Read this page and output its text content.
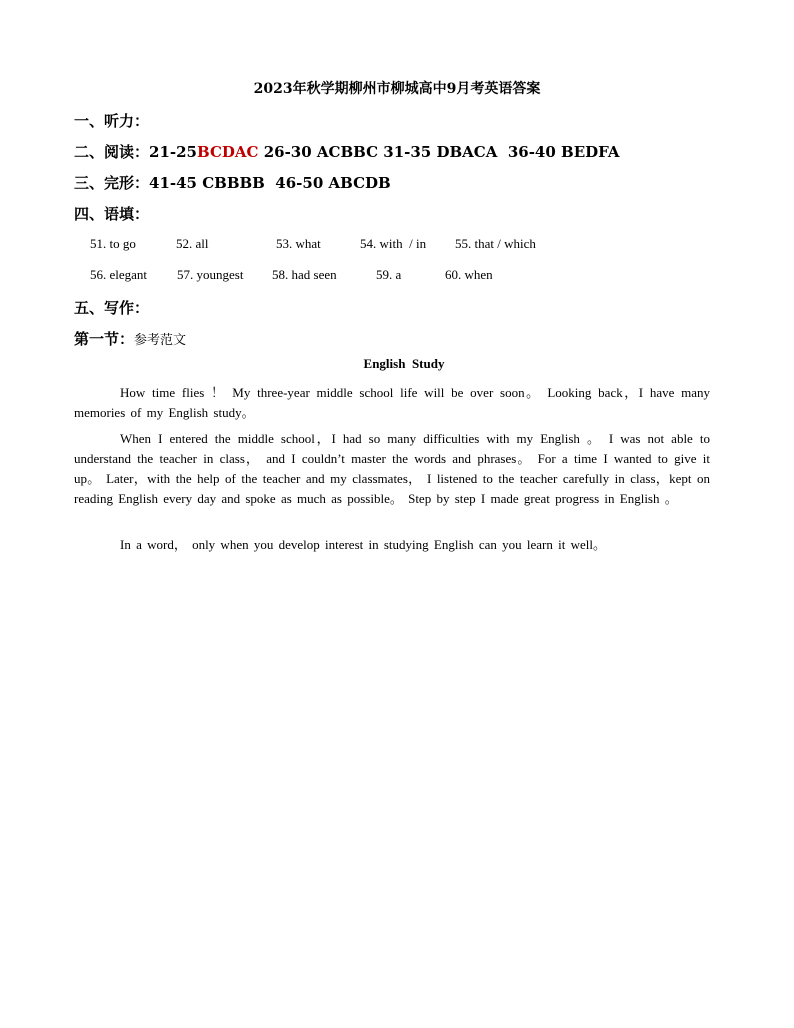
2023年秋学期柳州市柳城高中9月考英语答案
一、听力：
二、阅读：21-25BCDAC 26-30 ACBBC 31-35 DBACA  36-40 BEDFA
三、完形：41-45 CBBBB  46-50 ABCDB
四、语填：
51. to go	52. all	53. what	54. with  / in 55. that / which
56. elegant 57. youngest 58. had seen	59. a	60. when
五、写作：
第一节：参考范文
English  Study
How time flies ！ My three-year middle school life will be over soon。 Looking back，I have many memories of my English study。
When I entered the middle school，I had so many difficulties with my English 。 I was not able to understand the teacher in class， and I couldn’t master the words and phrases。 For a time I wanted to give it up。 Later，with the help of the teacher and my classmates， I listened to the teacher carefully in class，kept on reading English every day and spoke as much as possible。 Step by step I made great progress in English 。
In a word， only when you develop interest in studying English can you learn it well。
